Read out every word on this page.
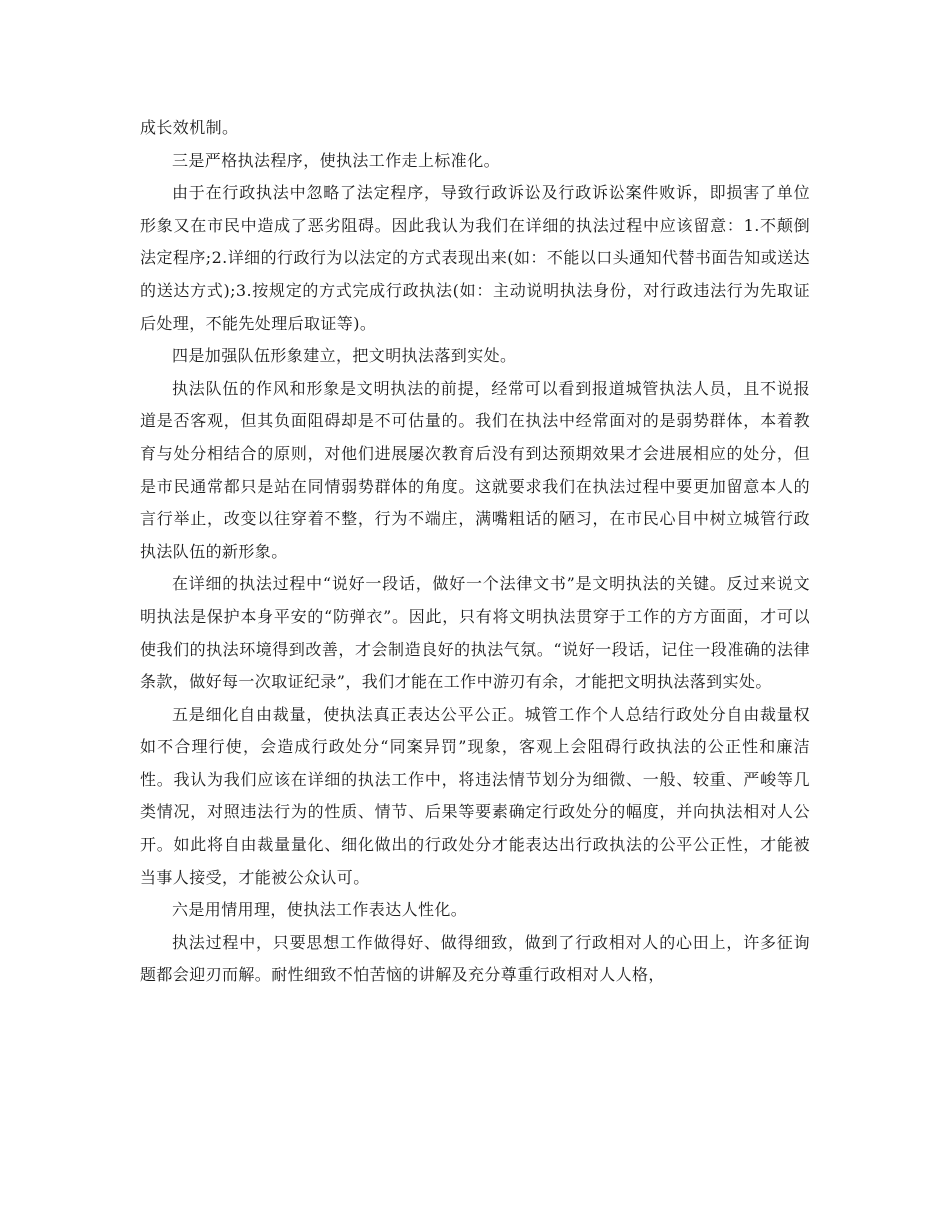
成长效机制。

三是严格执法程序，使执法工作走上标准化。

由于在行政执法中忽略了法定程序，导致行政诉讼及行政诉讼案件败诉，即损害了单位形象又在市民中造成了恶劣阻碍。因此我认为我们在详细的执法过程中应该留意：1.不颠倒法定程序;2.详细的行政行为以法定的方式表现出来(如：不能以口头通知代替书面告知或送达的送达方式);3.按规定的方式完成行政执法(如：主动说明执法身份，对行政违法行为先取证后处理，不能先处理后取证等)。

四是加强队伍形象建立，把文明执法落到实处。

执法队伍的作风和形象是文明执法的前提，经常可以看到报道城管执法人员，且不说报道是否客观，但其负面阻碍却是不可估量的。我们在执法中经常面对的是弱势群体，本着教育与处分相结合的原则，对他们进展屡次教育后没有到达预期效果才会进展相应的处分，但是市民通常都只是站在同情弱势群体的角度。这就要求我们在执法过程中要更加留意本人的言行举止，改变以往穿着不整，行为不端庄，满嘴粗话的陋习，在市民心目中树立城管行政执法队伍的新形象。

在详细的执法过程中“说好一段话，做好一个法律文书”是文明执法的关键。反过来说文明执法是保护本身平安的“防弹衣”。因此，只有将文明执法贯穿于工作的方方面面，才可以使我们的执法环境得到改善，才会制造良好的执法气氛。“说好一段话，记住一段准确的法律条款，做好每一次取证纪录”，我们才能在工作中游刃有余，才能把文明执法落到实处。

五是细化自由裁量，使执法真正表达公平公正。城管工作个人总结行政处分自由裁量权如不合理行使，会造成行政处分“同案异罚”现象，客观上会阻碍行政执法的公正性和廉洁性。我认为我们应该在详细的执法工作中，将违法情节划分为细微、一般、较重、严峻等几类情况，对照违法行为的性质、情节、后果等要素确定行政处分的幅度，并向执法相对人公开。如此将自由裁量量化、细化做出的行政处分才能表达出行政执法的公平公正性，才能被当事人接受，才能被公众认可。

六是用情用理，使执法工作表达人性化。

执法过程中，只要思想工作做得好、做得细致，做到了行政相对人的心田上，许多征询题都会迎刃而解。耐性细致不怕苦恼的讲解及充分尊重行政相对人人格，
